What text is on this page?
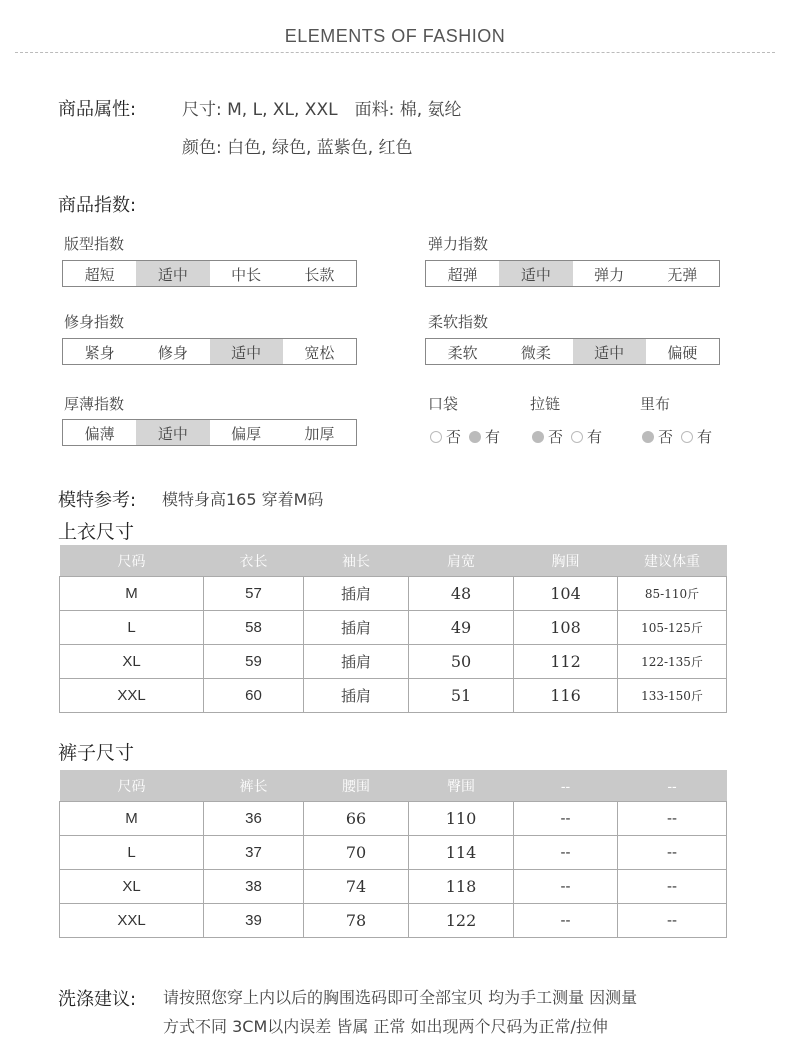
ELEMENTS OF FASHION
商品属性:	尺寸: M, L, XL, XXL　面料: 棉, 氨纶
颜色: 白色, 绿色, 蓝紫色, 红色
商品指数:
版型指数
超短	适中	中长	长款
弹力指数
超弹	适中	弹力	无弹
修身指数
紧身	修身	适中	宽松
柔软指数
柔软	微柔	适中	偏硬
厚薄指数
偏薄	适中	偏厚	加厚
口袋
否 有
拉链
否 有
里布
否 有
模特参考: 模特身高165 穿着M码
上衣尺寸
尺码	衣长	袖长	肩宽	胸围	建议体重
M	57	插肩	48	104	85-110斤
L	58	插肩	49	108	105-125斤
XL	59	插肩	50	112	122-135斤
XXL	60	插肩	51	116	133-150斤
裤子尺寸
尺码	裤长	腰围	臀围	--	--
M	36	66	110	--	--
L	37	70	114	--	--
XL	38	74	118	--	--
XXL	39	78	122	--	--
洗涤建议: 请按照您穿上内以后的胸围选码即可全部宝贝 均为手工测量 因测量
方式不同 3CM以内误差 皆属 正常 如出现两个尺码为正常/拉伸
